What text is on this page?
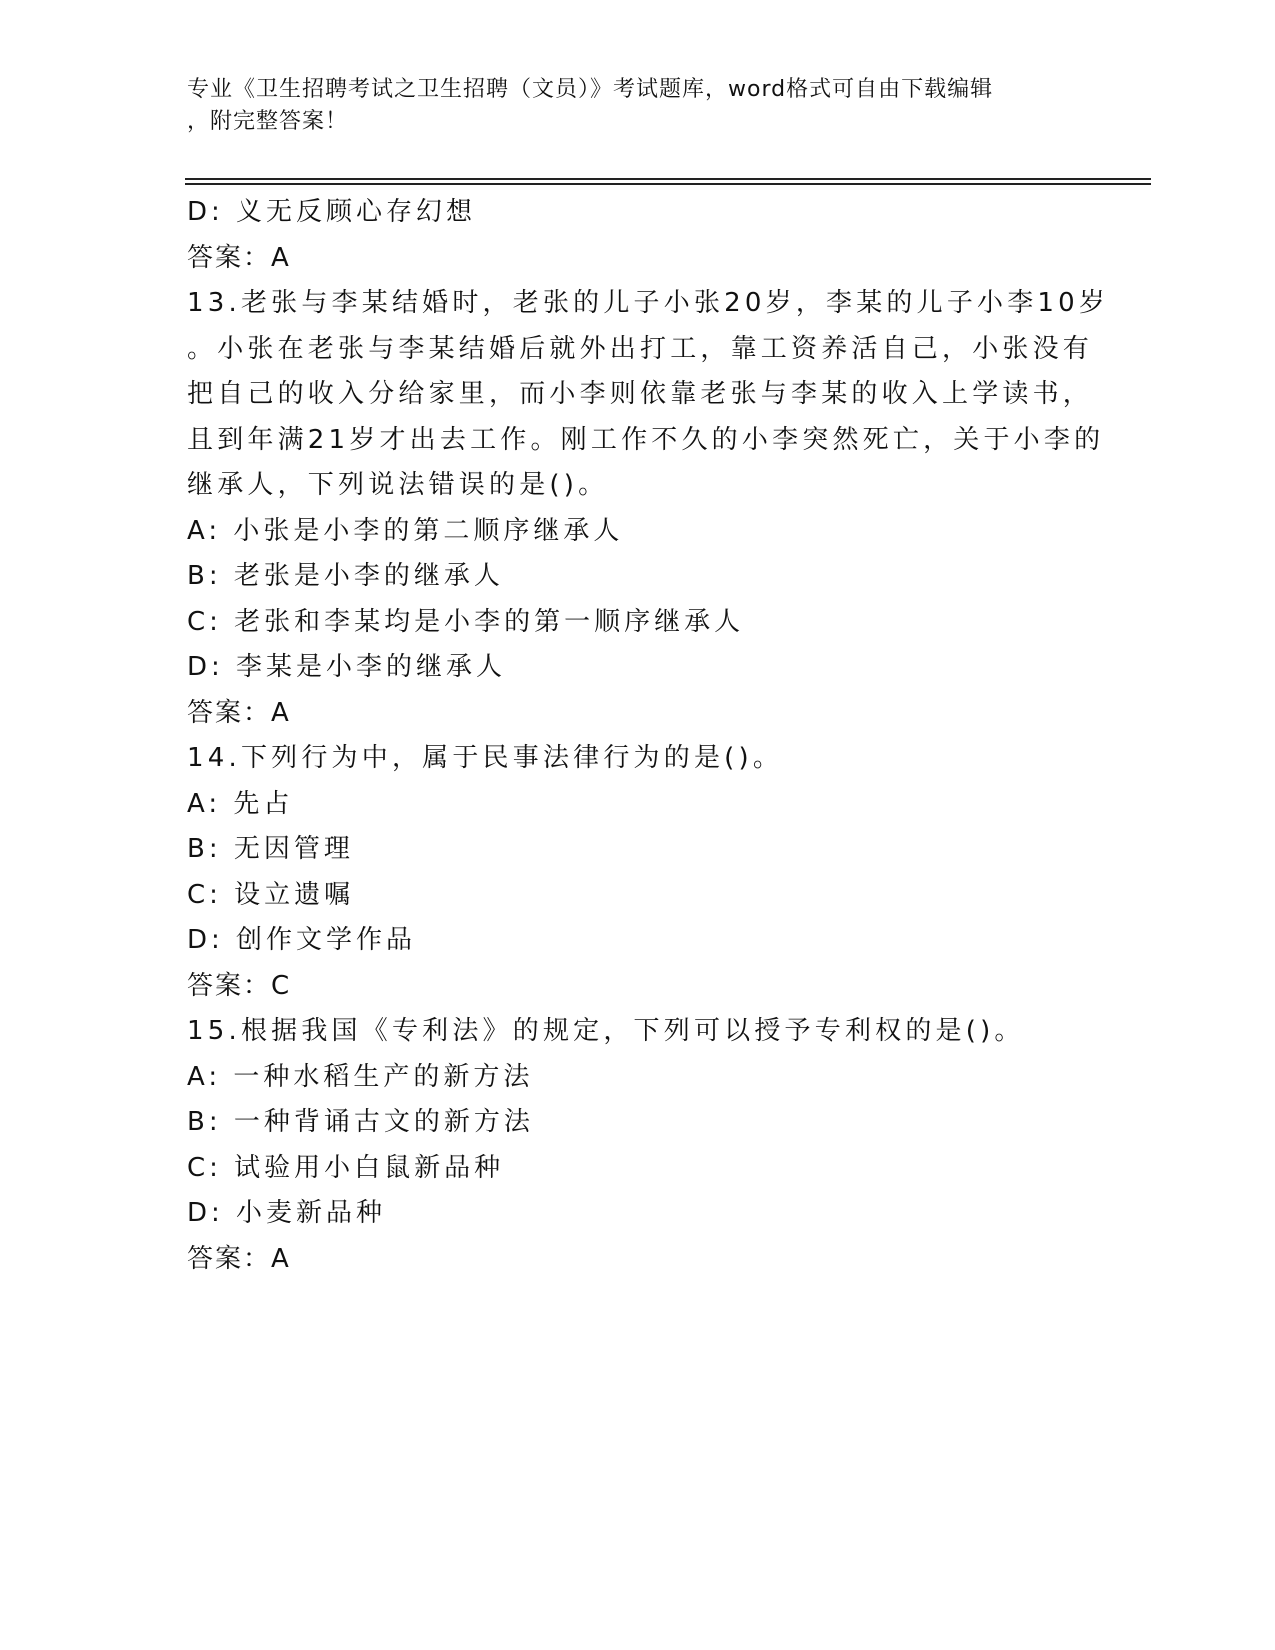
专业《卫生招聘考试之卫生招聘（文员）》考试题库，word格式可自由下载编辑
，附完整答案！
D: 义无反顾心存幻想
答案：A
13.老张与李某结婚时，老张的儿子小张20岁，李某的儿子小李10岁
。小张在老张与李某结婚后就外出打工，靠工资养活自己，小张没有
把自己的收入分给家里，而小李则依靠老张与李某的收入上学读书，
且到年满21岁才出去工作。刚工作不久的小李突然死亡，关于小李的
继承人，下列说法错误的是()。
A: 小张是小李的第二顺序继承人
B: 老张是小李的继承人
C: 老张和李某均是小李的第一顺序继承人
D: 李某是小李的继承人
答案：A
14.下列行为中，属于民事法律行为的是()。
A: 先占
B: 无因管理
C: 设立遗嘱
D: 创作文学作品
答案：C
15.根据我国《专利法》的规定，下列可以授予专利权的是()。
A: 一种水稻生产的新方法
B: 一种背诵古文的新方法
C: 试验用小白鼠新品种
D: 小麦新品种
答案：A
